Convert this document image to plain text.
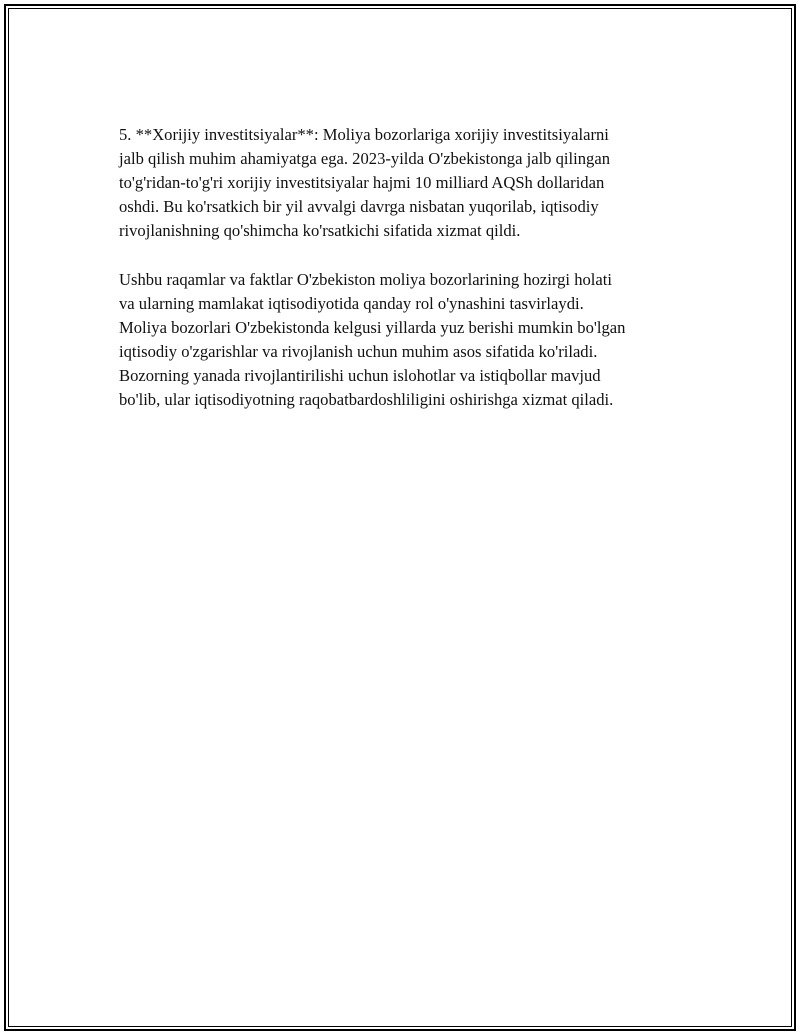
5. **Xorijiy investitsiyalar**: Moliya bozorlariga xorijiy investitsiyalarni
jalb qilish muhim ahamiyatga ega. 2023-yilda O'zbekistonga jalb qilingan
to'g'ridan-to'g'ri xorijiy investitsiyalar hajmi 10 milliard AQSh dollaridan
oshdi. Bu ko'rsatkich bir yil avvalgi davrga nisbatan yuqorilab, iqtisodiy
rivojlanishning qo'shimcha ko'rsatkichi sifatida xizmat qildi.

Ushbu raqamlar va faktlar O'zbekiston moliya bozorlarining hozirgi holati
va ularning mamlakat iqtisodiyotida qanday rol o'ynashini tasvirlaydi.
Moliya bozorlari O'zbekistonda kelgusi yillarda yuz berishi mumkin bo'lgan
iqtisodiy o'zgarishlar va rivojlanish uchun muhim asos sifatida ko'riladi.
Bozorning yanada rivojlantirilishi uchun islohotlar va istiqbollar mavjud
bo'lib, ular iqtisodiyotning raqobatbardoshliligini oshirishga xizmat qiladi.
